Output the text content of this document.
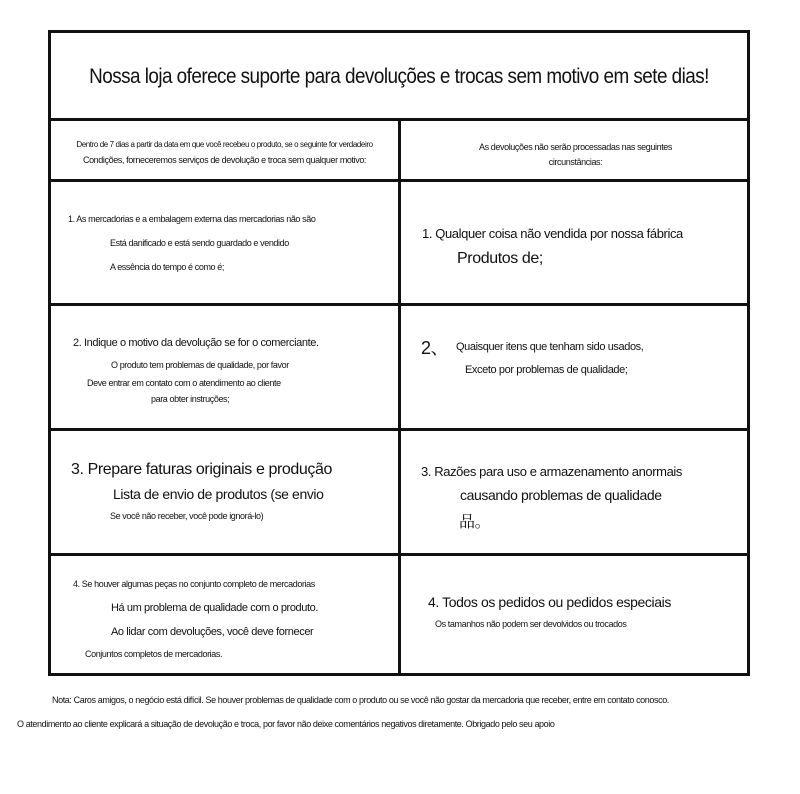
Nossa loja oferece suporte para devoluções e trocas sem motivo em sete dias!
Dentro de 7 dias a partir da data em que você recebeu o produto, se o seguinte for verdadeiro
Condições, forneceremos serviços de devolução e troca sem qualquer motivo:
As devoluções não serão processadas nas seguintes
circunstâncias:
1. As mercadorias e a embalagem externa das mercadorias não são
Está danificado e está sendo guardado e vendido
A essência do tempo é como é;
1. Qualquer coisa não vendida por nossa fábrica
Produtos de;
2. Indique o motivo da devolução se for o comerciante.
O produto tem problemas de qualidade, por favor
Deve entrar em contato com o atendimento ao cliente
para obter instruções;
2、 Quaisquer itens que tenham sido usados,
Exceto por problemas de qualidade;
3. Prepare faturas originais e produção
Lista de envio de produtos (se envio
Se você não receber, você pode ignorá-lo)
3. Razões para uso e armazenamento anormais
causando problemas de qualidade
品。
4. Se houver algumas peças no conjunto completo de mercadorias
Há um problema de qualidade com o produto.
Ao lidar com devoluções, você deve fornecer
Conjuntos completos de mercadorias.
4. Todos os pedidos ou pedidos especiais
Os tamanhos não podem ser devolvidos ou trocados
Nota: Caros amigos, o negócio está difícil. Se houver problemas de qualidade com o produto ou se você não gostar da mercadoria que receber, entre em contato conosco.
O atendimento ao cliente explicará a situação de devolução e troca, por favor não deixe comentários negativos diretamente. Obrigado pelo seu apoio
